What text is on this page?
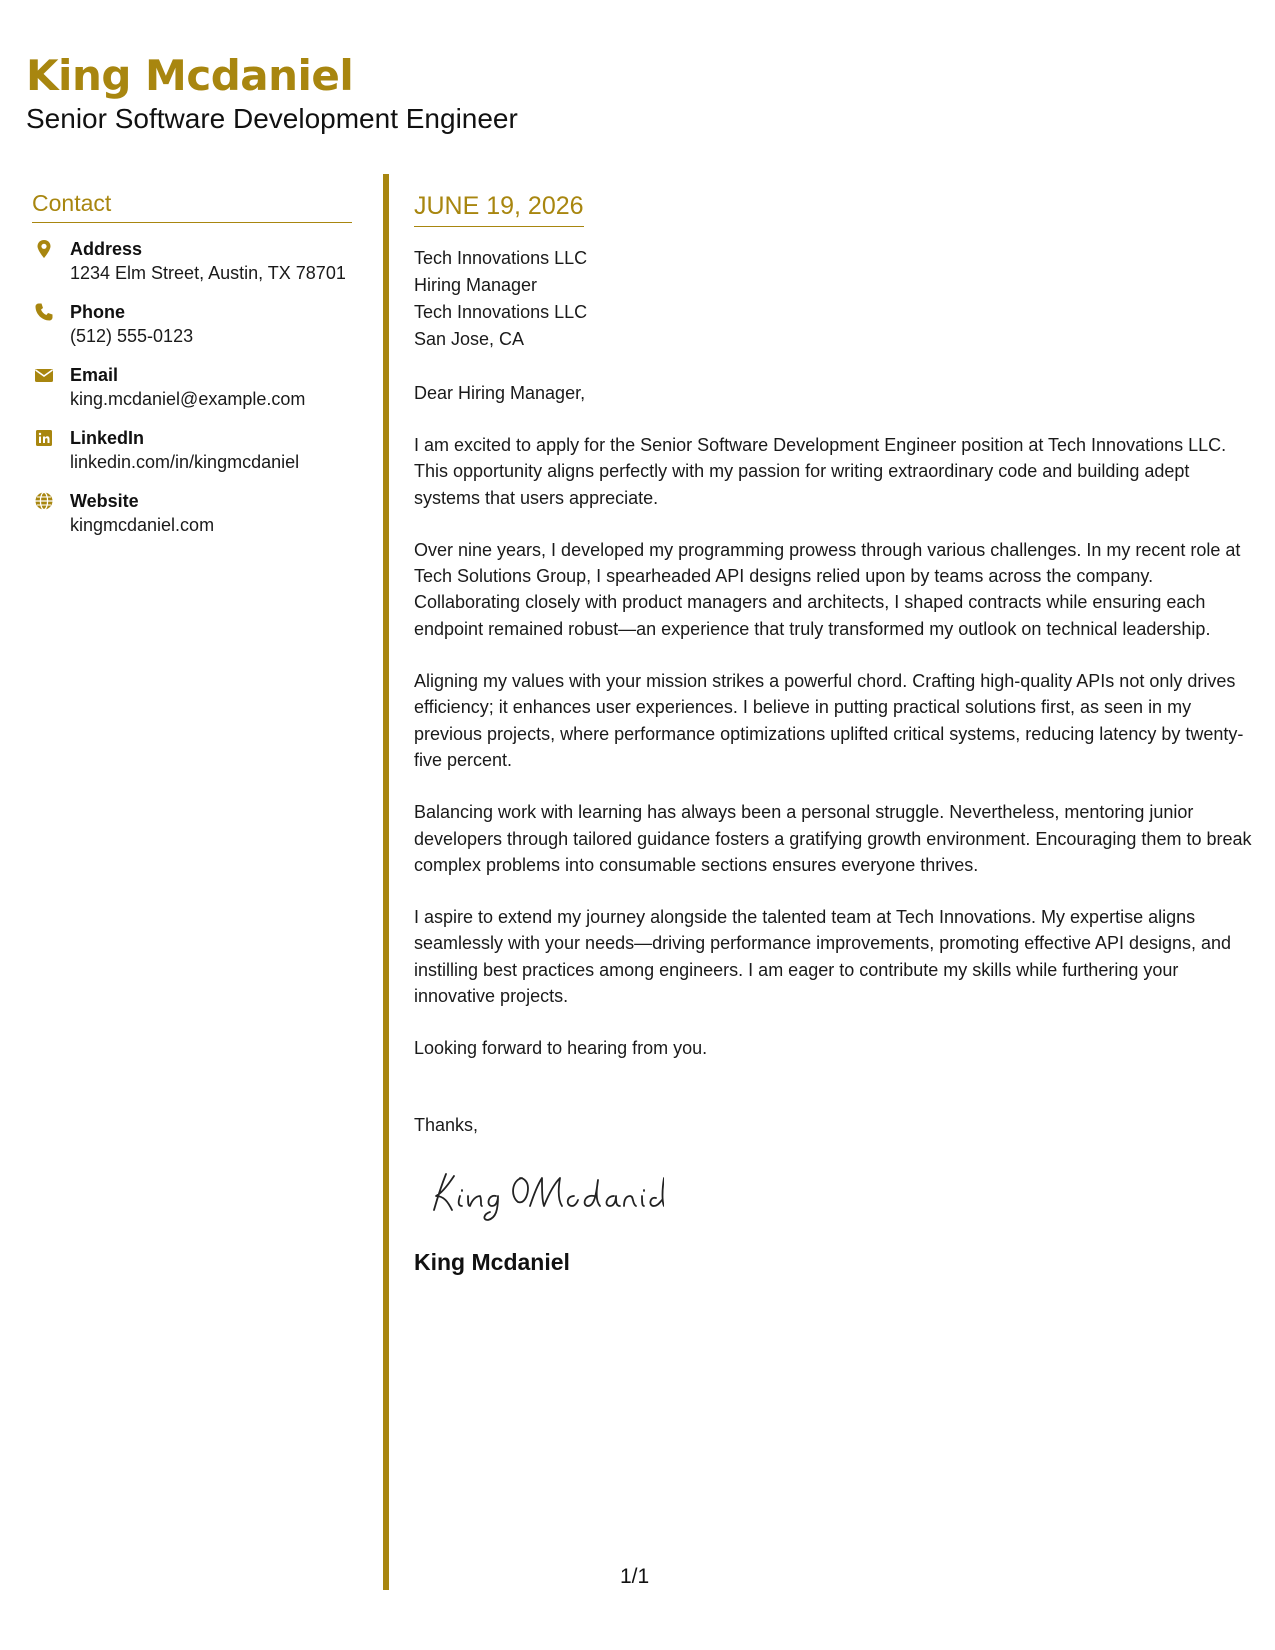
King Mcdaniel
Senior Software Development Engineer
Contact
Address
1234 Elm Street, Austin, TX 78701
Phone
(512) 555-0123
Email
king.mcdaniel@example.com
LinkedIn
linkedin.com/in/kingmcdaniel
Website
kingmcdaniel.com
JUNE 19, 2026
Tech Innovations LLC
Hiring Manager
Tech Innovations LLC
San Jose, CA
Dear Hiring Manager,
I am excited to apply for the Senior Software Development Engineer position at Tech Innovations LLC. This opportunity aligns perfectly with my passion for writing extraordinary code and building adept systems that users appreciate.
Over nine years, I developed my programming prowess through various challenges. In my recent role at Tech Solutions Group, I spearheaded API designs relied upon by teams across the company. Collaborating closely with product managers and architects, I shaped contracts while ensuring each endpoint remained robust—an experience that truly transformed my outlook on technical leadership.
Aligning my values with your mission strikes a powerful chord. Crafting high-quality APIs not only drives efficiency; it enhances user experiences. I believe in putting practical solutions first, as seen in my previous projects, where performance optimizations uplifted critical systems, reducing latency by twenty-five percent.
Balancing work with learning has always been a personal struggle. Nevertheless, mentoring junior developers through tailored guidance fosters a gratifying growth environment. Encouraging them to break complex problems into consumable sections ensures everyone thrives.
I aspire to extend my journey alongside the talented team at Tech Innovations. My expertise aligns seamlessly with your needs—driving performance improvements, promoting effective API designs, and instilling best practices among engineers. I am eager to contribute my skills while furthering your innovative projects.
Looking forward to hearing from you.
Thanks,
King Mcdaniel
1/1
